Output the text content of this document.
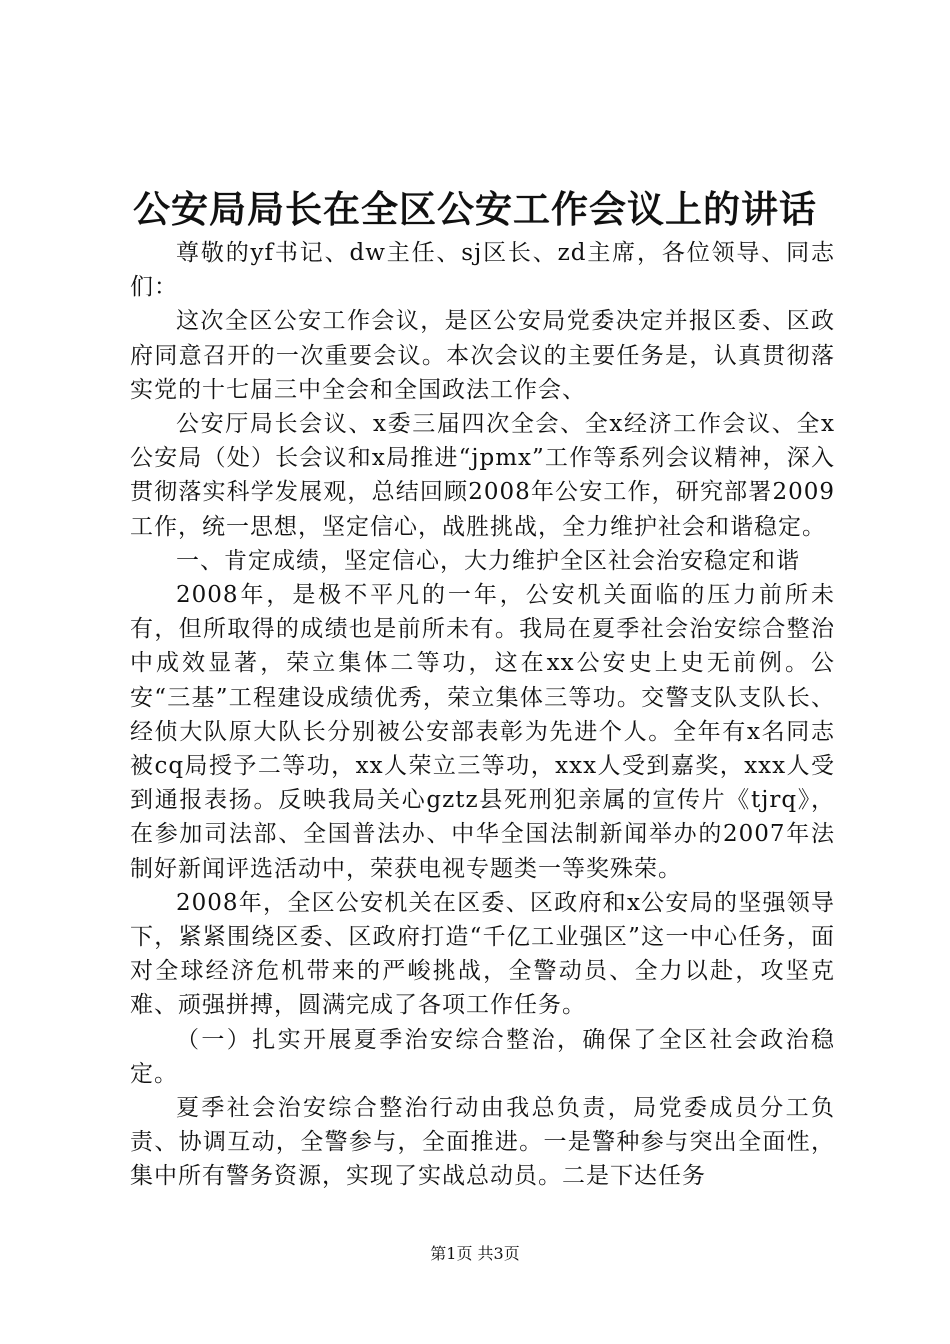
公安局局长在全区公安工作会议上的讲话

尊敬的yf书记、dw主任、sj区长、zd主席，各位领导、同志们：

这次全区公安工作会议，是区公安局党委决定并报区委、区政府同意召开的一次重要会议。本次会议的主要任务是，认真贯彻落实党的十七届三中全会和全国政法工作会、

公安厅局长会议、x委三届四次全会、全x经济工作会议、全x公安局（处）长会议和x局推进“jpmx”工作等系列会议精神，深入贯彻落实科学发展观，总结回顾2008年公安工作，研究部署2009工作，统一思想，坚定信心，战胜挑战，全力维护社会和谐稳定。

一、肯定成绩，坚定信心，大力维护全区社会治安稳定和谐

2008年，是极不平凡的一年，公安机关面临的压力前所未有，但所取得的成绩也是前所未有。我局在夏季社会治安综合整治中成效显著，荣立集体二等功，这在xx公安史上史无前例。公安“三基”工程建设成绩优秀，荣立集体三等功。交警支队支队长、经侦大队原大队长分别被公安部表彰为先进个人。全年有x名同志被cq局授予二等功，xx人荣立三等功，xxx人受到嘉奖，xxx人受到通报表扬。反映我局关心gztz县死刑犯亲属的宣传片《tjrq》，在参加司法部、全国普法办、中华全国法制新闻举办的2007年法制好新闻评选活动中，荣获电视专题类一等奖殊荣。

2008年，全区公安机关在区委、区政府和x公安局的坚强领导下，紧紧围绕区委、区政府打造“千亿工业强区”这一中心任务，面对全球经济危机带来的严峻挑战，全警动员、全力以赴，攻坚克难、顽强拼搏，圆满完成了各项工作任务。

（一）扎实开展夏季治安综合整治，确保了全区社会政治稳定。

夏季社会治安综合整治行动由我总负责，局党委成员分工负责、协调互动，全警参与，全面推进。一是警种参与突出全面性，集中所有警务资源，实现了实战总动员。二是下达任务

第1页 共3页
